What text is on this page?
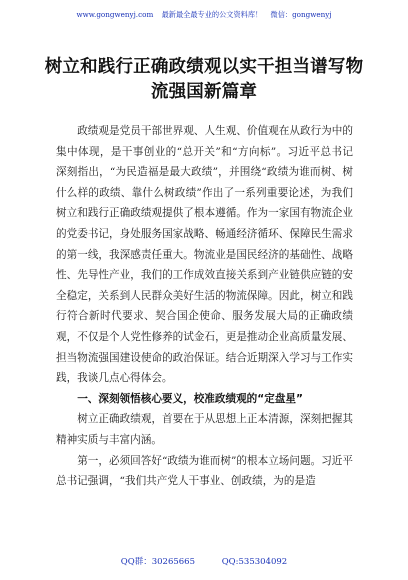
www.gongwenyj.com 最新最全最专业的公文资料库！ 微信：gongwenyj
树立和践行正确政绩观以实干担当谱写物
流强国新篇章

政绩观是党员干部世界观、人生观、价值观在从政行为中的集中体现，是干事创业的“总开关”和“方向标”。习近平总书记深刻指出，“为民造福是最大政绩”，并围绕“政绩为谁而树、树什么样的政绩、靠什么树政绩”作出了一系列重要论述，为我们树立和践行正确政绩观提供了根本遵循。作为一家国有物流企业的党委书记，身处服务国家战略、畅通经济循环、保障民生需求的第一线，我深感责任重大。物流业是国民经济的基础性、战略性、先导性产业，我们的工作成效直接关系到产业链供应链的安全稳定，关系到人民群众美好生活的物流保障。因此，树立和践行符合新时代要求、契合国企使命、服务发展大局的正确政绩观，不仅是个人党性修养的试金石，更是推动企业高质量发展、担当物流强国建设使命的政治保证。结合近期深入学习与工作实践，我谈几点心得体会。

一、深刻领悟核心要义，校准政绩观的“定盘星”

树立正确政绩观，首要在于从思想上正本清源，深刻把握其精神实质与丰富内涵。

第一，必须回答好“政绩为谁而树”的根本立场问题。习近平总书记强调，“我们共产党人干事业、创政绩，为的是造

QQ群：30265665	QQ:535304092
